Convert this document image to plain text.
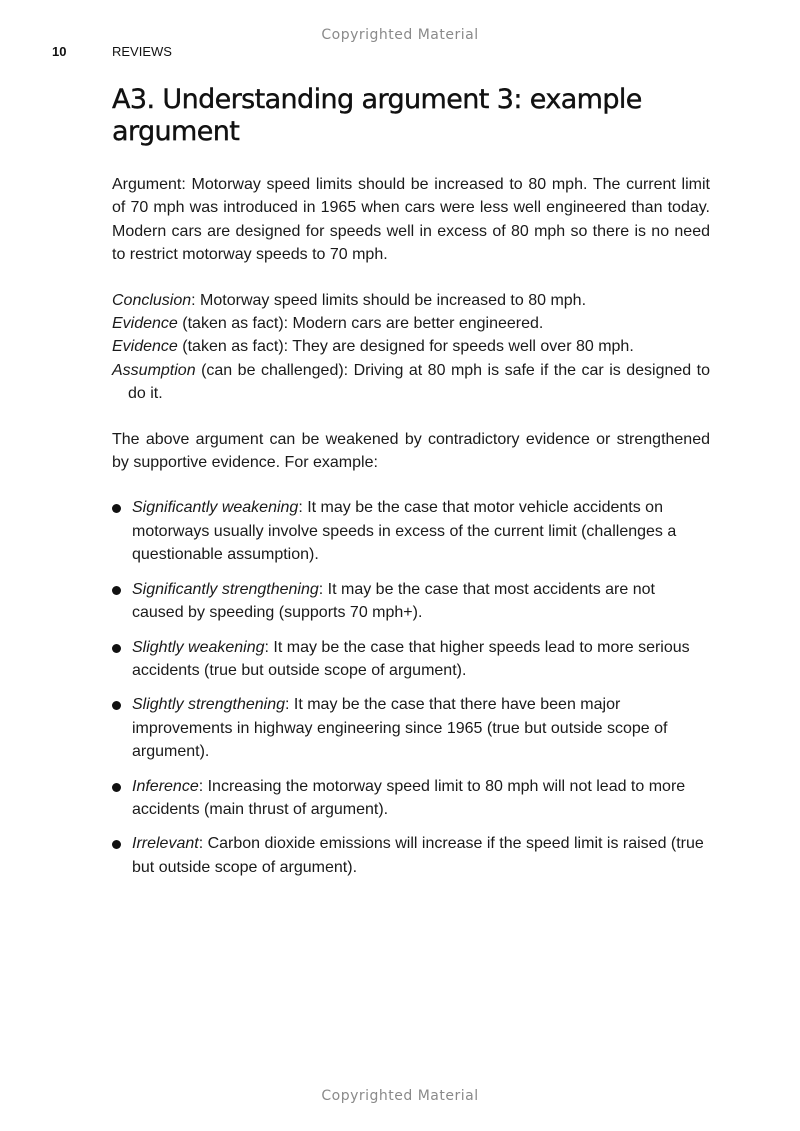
Copyrighted Material
10	REVIEWS
A3. Understanding argument 3: example argument

Argument: Motorway speed limits should be increased to 80 mph. The current limit of 70 mph was introduced in 1965 when cars were less well engineered than today. Modern cars are designed for speeds well in excess of 80 mph so there is no need to restrict motorway speeds to 70 mph.

Conclusion: Motorway speed limits should be increased to 80 mph.

Evidence (taken as fact): Modern cars are better engineered.

Evidence (taken as fact): They are designed for speeds well over 80 mph.

Assumption (can be challenged): Driving at 80 mph is safe if the car is designed to do it.

The above argument can be weakened by contradictory evidence or strengthened by supportive evidence. For example:

Significantly weakening: It may be the case that motor vehicle accidents on motorways usually involve speeds in excess of the current limit (challenges a questionable assumption).
Significantly strengthening: It may be the case that most accidents are not caused by speeding (supports 70 mph+).
Slightly weakening: It may be the case that higher speeds lead to more serious accidents (true but outside scope of argument).
Slightly strengthening: It may be the case that there have been major improvements in highway engineering since 1965 (true but outside scope of argument).
Inference: Increasing the motorway speed limit to 80 mph will not lead to more accidents (main thrust of argument).
Irrelevant: Carbon dioxide emissions will increase if the speed limit is raised (true but outside scope of argument).
Copyrighted Material
